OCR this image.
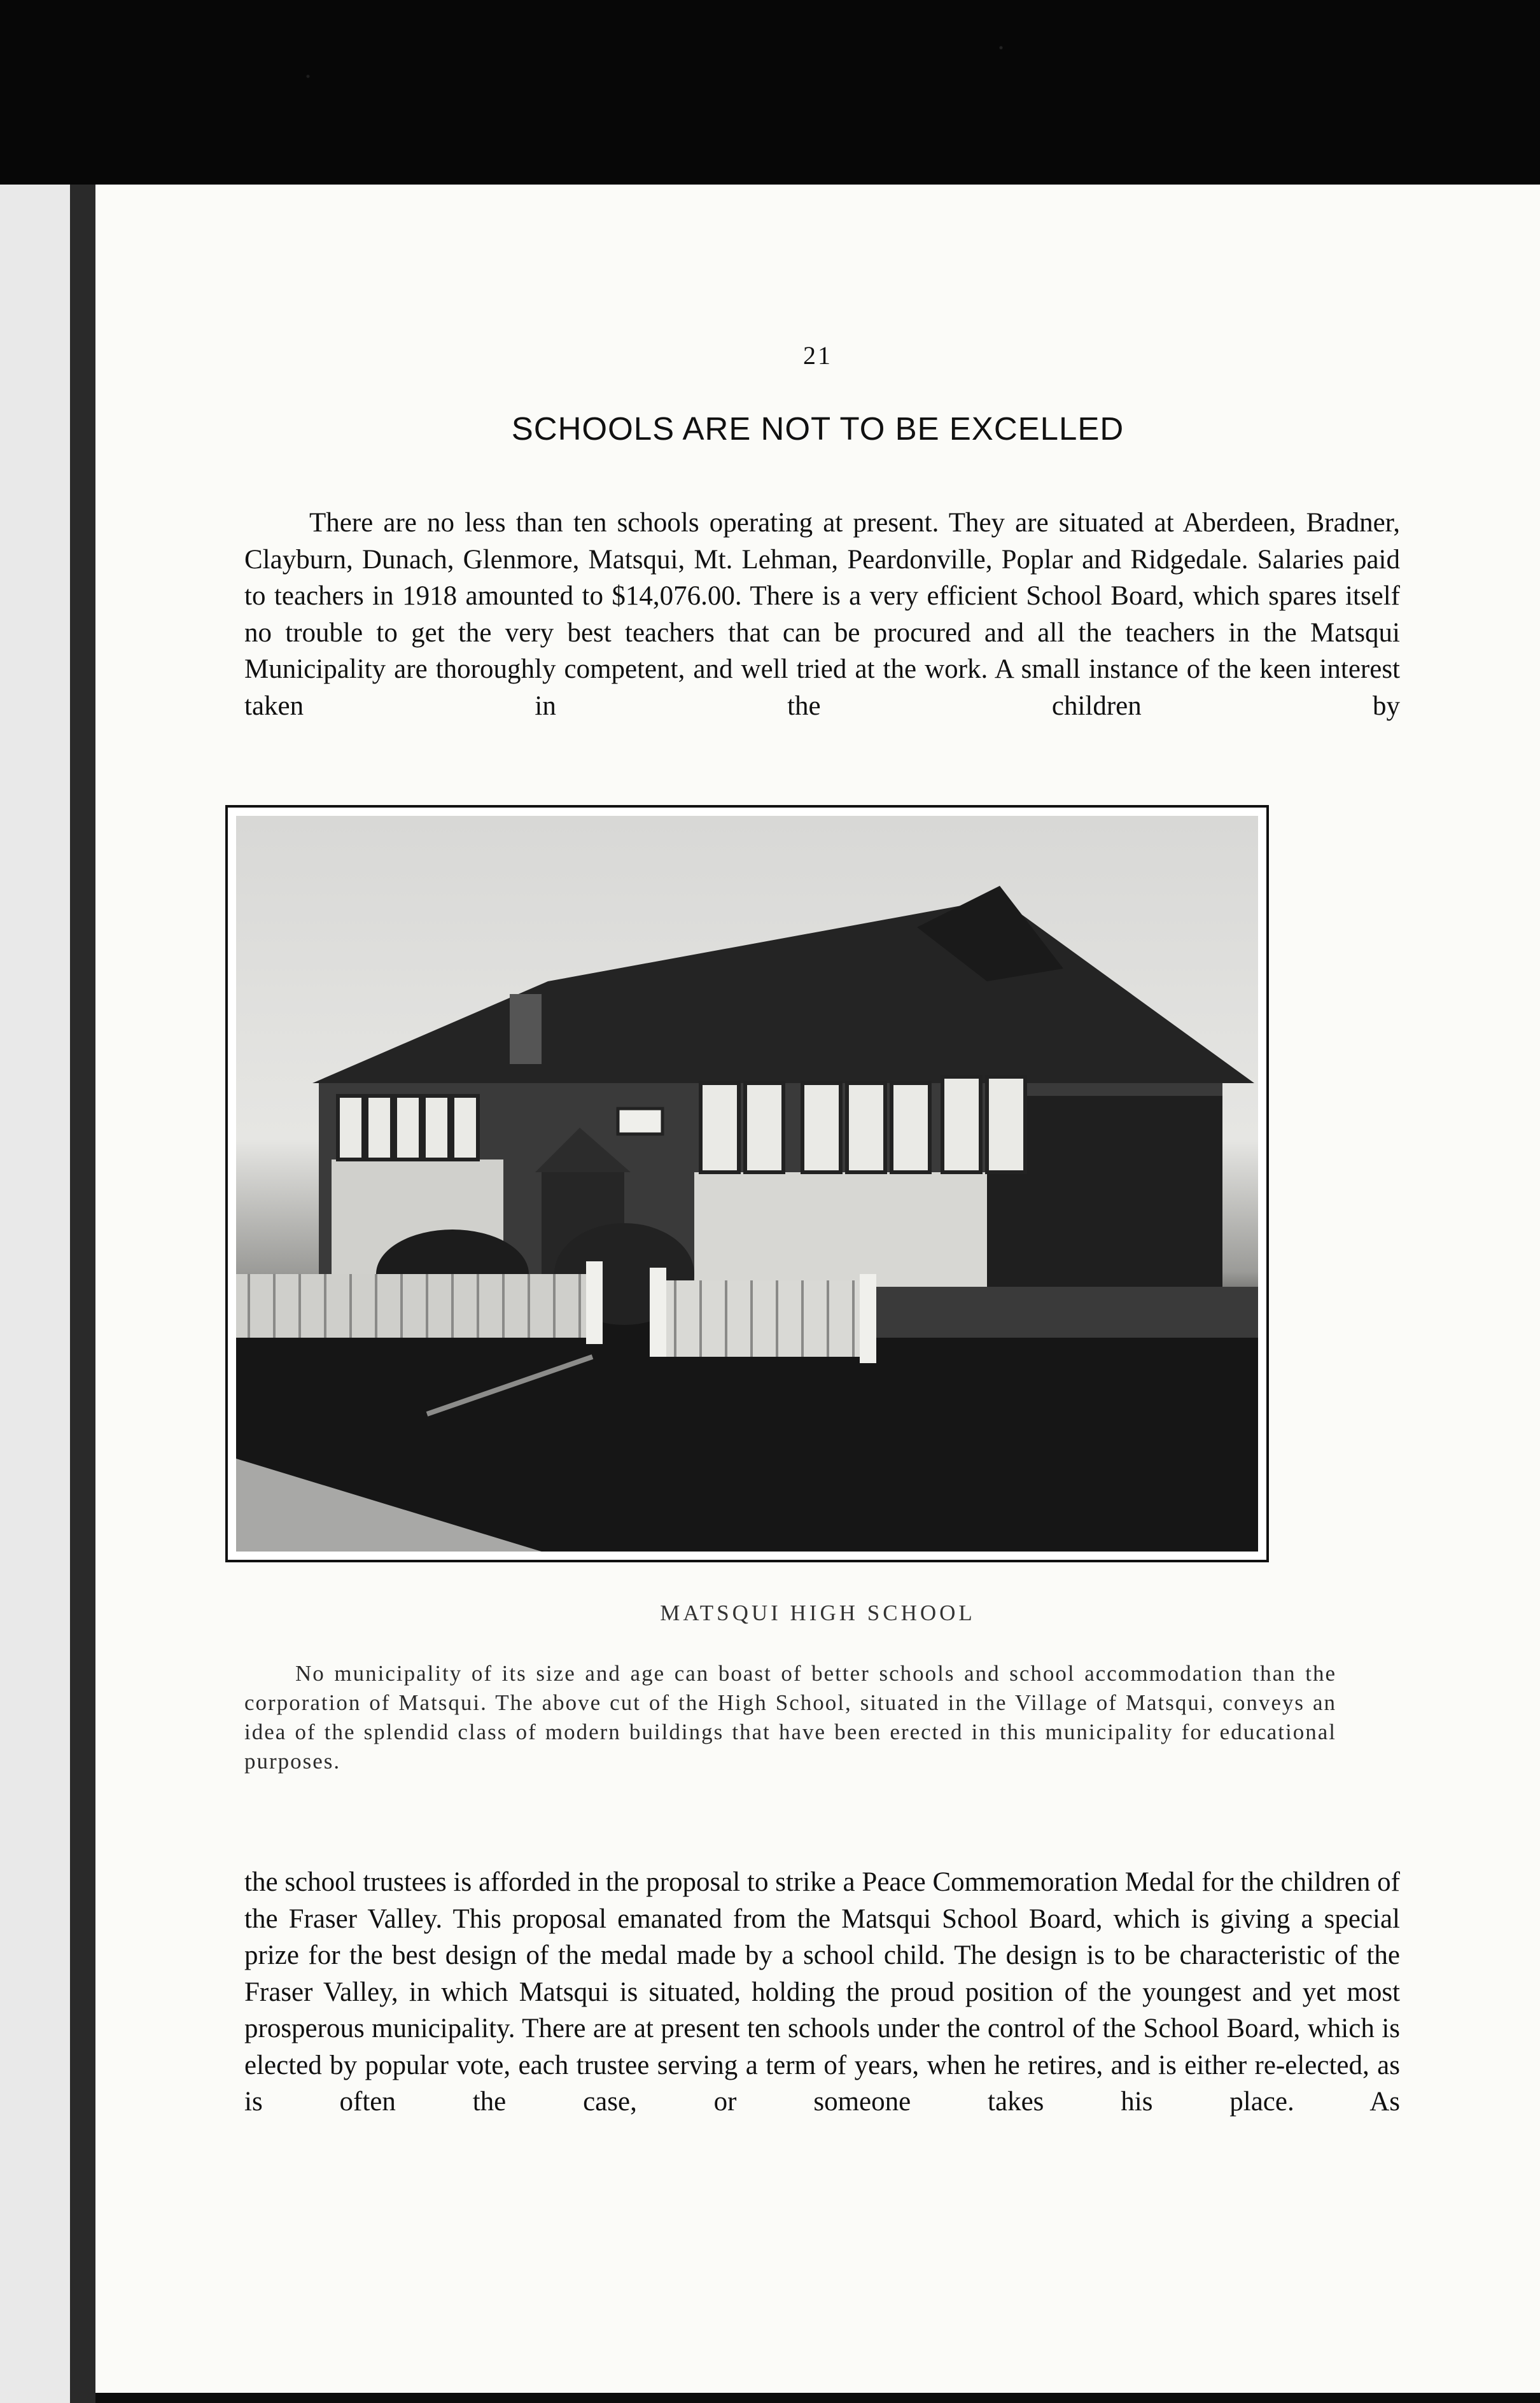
21
SCHOOLS ARE NOT TO BE EXCELLED

There are no less than ten schools operating at present. They are situated at Aberdeen, Bradner, Clayburn, Dunach, Glenmore, Matsqui, Mt. Lehman, Peardonville, Poplar and Ridgedale. Salaries paid to teachers in 1918 amounted to $14,076.00. There is a very efficient School Board, which spares itself no trouble to get the very best teachers that can be procured and all the teachers in the Matsqui Municipality are thoroughly competent, and well tried at the work. A small instance of the keen interest taken in the children by

MATSQUI HIGH SCHOOL

No municipality of its size and age can boast of better schools and school accommodation than the corporation of Matsqui. The above cut of the High School, situated in the Village of Matsqui, conveys an idea of the splendid class of modern buildings that have been erected in this municipality for educational purposes.

the school trustees is afforded in the proposal to strike a Peace Commemoration Medal for the children of the Fraser Valley. This proposal emanated from the Matsqui School Board, which is giving a special prize for the best design of the medal made by a school child. The design is to be characteristic of the Fraser Valley, in which Matsqui is situated, holding the proud position of the youngest and yet most prosperous municipality. There are at present ten schools under the control of the School Board, which is elected by popular vote, each trustee serving a term of years, when he retires, and is either re-elected, as is often the case, or someone takes his place. As
